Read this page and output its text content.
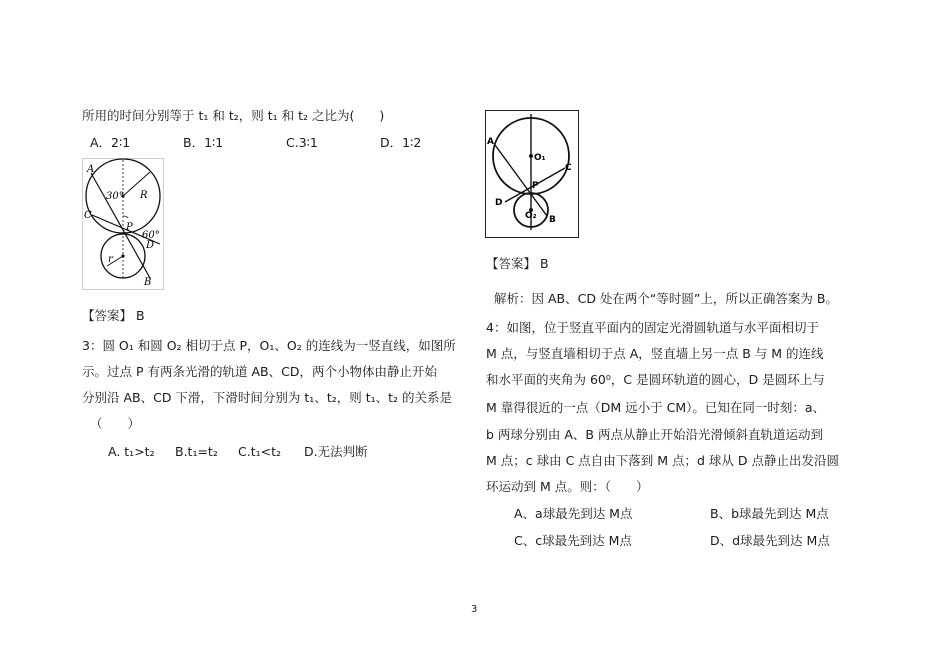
所用的时间分别等于 t₁ 和 t₂，则 t₁ 和 t₂ 之比为(　　)
A．2∶1	B．1∶1	C.3∶1	D．1∶2
A
30° R
C
P
60°
D
r
B
【答案】 B
3：圆 O₁ 和圆 O₂ 相切于点 P，O₁、O₂ 的连线为一竖直线，如图所
示。过点 P 有两条光滑的轨道 AB、CD，两个小物体由静止开始
分别沿 AB、CD 下滑，下滑时间分别为 t₁、t₂，则 t₁、t₂ 的关系是
（　　）
A. t₁>t₂ B.t₁=t₂ C.t₁<t₂ D.无法判断
A
O₁
C
P
D
O₂ B
【答案】 B
解析：因 AB、CD 处在两个“等时圆”上，所以正确答案为 B。
4：如图，位于竖直平面内的固定光滑圆轨道与水平面相切于
M 点，与竖直墙相切于点 A，竖直墙上另一点 B 与 M 的连线
和水平面的夹角为 60⁰，C 是圆环轨道的圆心，D 是圆环上与
M 靠得很近的一点（DM 远小于 CM）。已知在同一时刻：a、
b 两球分别由 A、B 两点从静止开始沿光滑倾斜直轨道运动到
M 点；c 球由 C 点自由下落到 M 点；d 球从 D 点静止出发沿圆
环运动到 M 点。则：（　　）
A、a球最先到达 M点	B、b球最先到达 M点
C、c球最先到达 M点	D、d球最先到达 M点
3
